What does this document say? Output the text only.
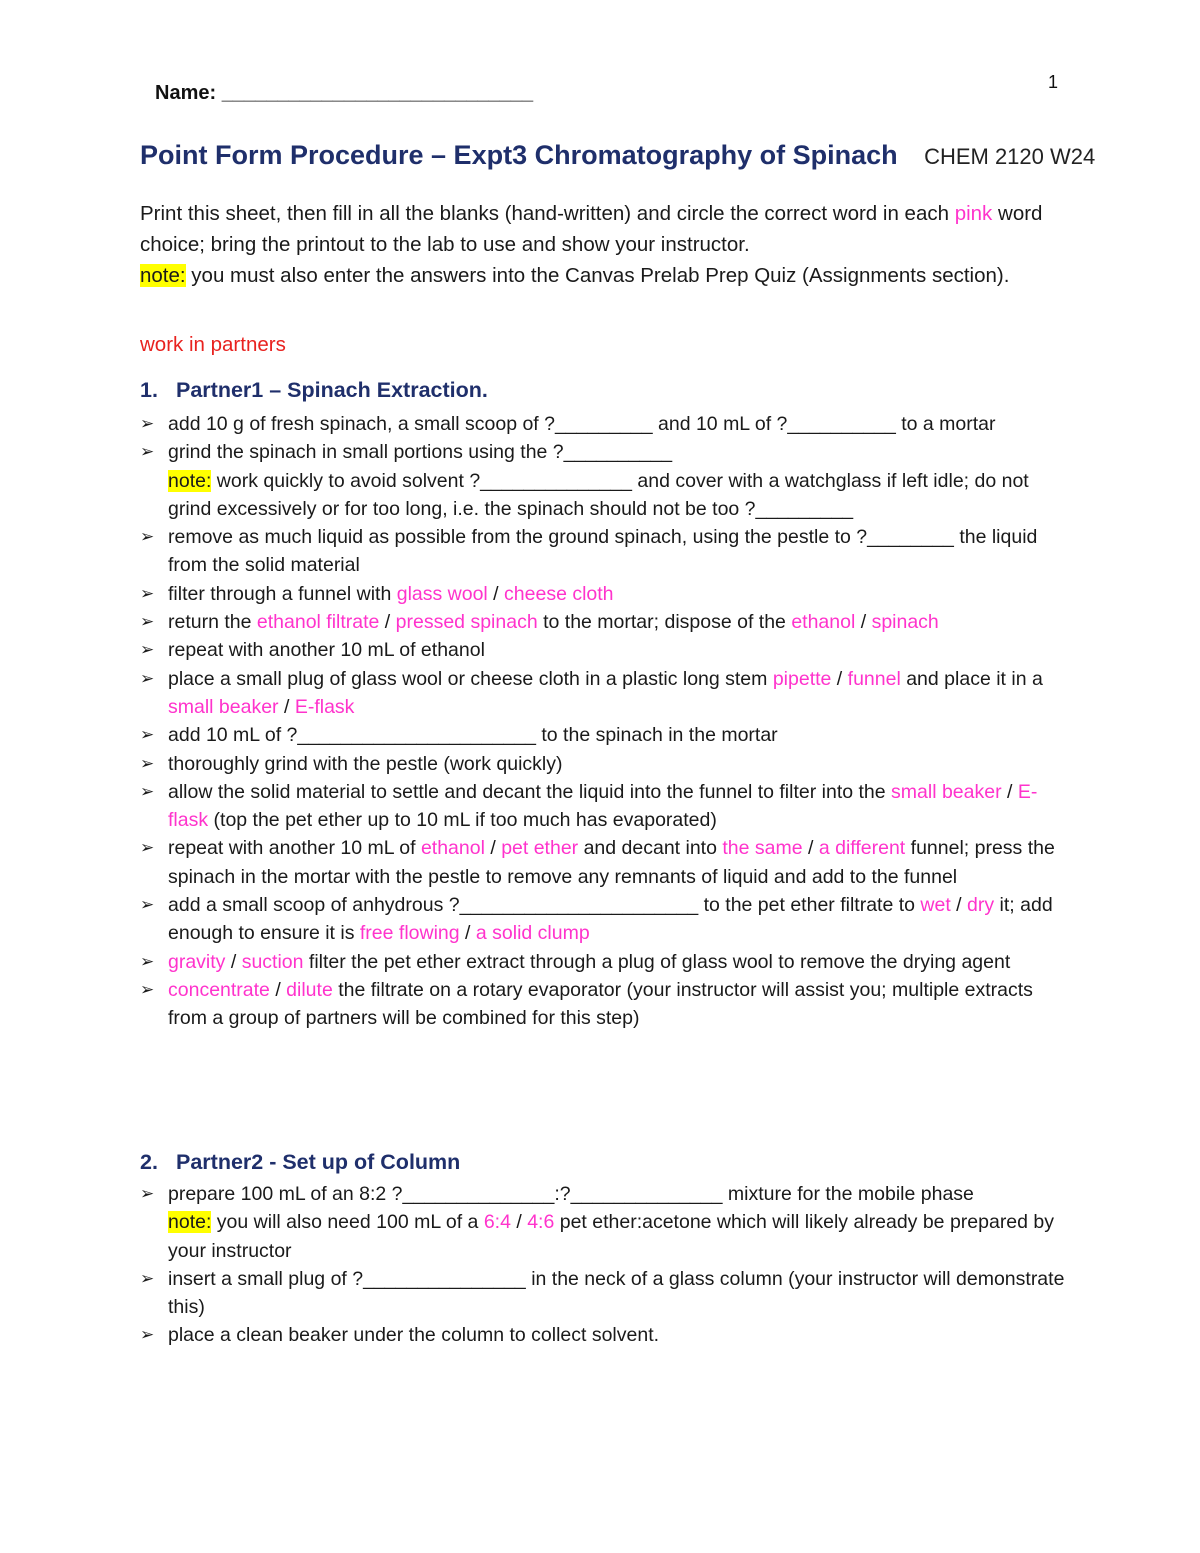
Name: ____________________________	1
Point Form Procedure – Expt3 Chromatography of Spinach CHEM 2120 W24
Print this sheet, then fill in all the blanks (hand-written) and circle the correct word in each pink word choice; bring the printout to the lab to use and show your instructor.
note: you must also enter the answers into the Canvas Prelab Prep Quiz (Assignments section).
work in partners
1. Partner1 – Spinach Extraction.
➢ add 10 g of fresh spinach, a small scoop of ?_________ and 10 mL of ?__________ to a mortar
➢ grind the spinach in small portions using the ?__________
note: work quickly to avoid solvent ?______________ and cover with a watchglass if left idle; do not grind excessively or for too long, i.e. the spinach should not be too ?_________
➢ remove as much liquid as possible from the ground spinach, using the pestle to ?________ the liquid from the solid material
➢ filter through a funnel with glass wool / cheese cloth
➢ return the ethanol filtrate / pressed spinach to the mortar; dispose of the ethanol / spinach
➢ repeat with another 10 mL of ethanol
➢ place a small plug of glass wool or cheese cloth in a plastic long stem pipette / funnel and place it in a small beaker / E-flask
➢ add 10 mL of ?______________________ to the spinach in the mortar
➢ thoroughly grind with the pestle (work quickly)
➢ allow the solid material to settle and decant the liquid into the funnel to filter into the small beaker / E-flask (top the pet ether up to 10 mL if too much has evaporated)
➢ repeat with another 10 mL of ethanol / pet ether and decant into the same / a different funnel; press the spinach in the mortar with the pestle to remove any remnants of liquid and add to the funnel
➢ add a small scoop of anhydrous ?______________________ to the pet ether filtrate to wet / dry it; add enough to ensure it is free flowing / a solid clump
➢ gravity / suction filter the pet ether extract through a plug of glass wool to remove the drying agent
➢ concentrate / dilute the filtrate on a rotary evaporator (your instructor will assist you; multiple extracts from a group of partners will be combined for this step)
2. Partner2 - Set up of Column
➢ prepare 100 mL of an 8:2 ?______________:?______________ mixture for the mobile phase
note: you will also need 100 mL of a 6:4 / 4:6 pet ether:acetone which will likely already be prepared by your instructor
➢ insert a small plug of ?_______________ in the neck of a glass column (your instructor will demonstrate this)
➢ place a clean beaker under the column to collect solvent.
